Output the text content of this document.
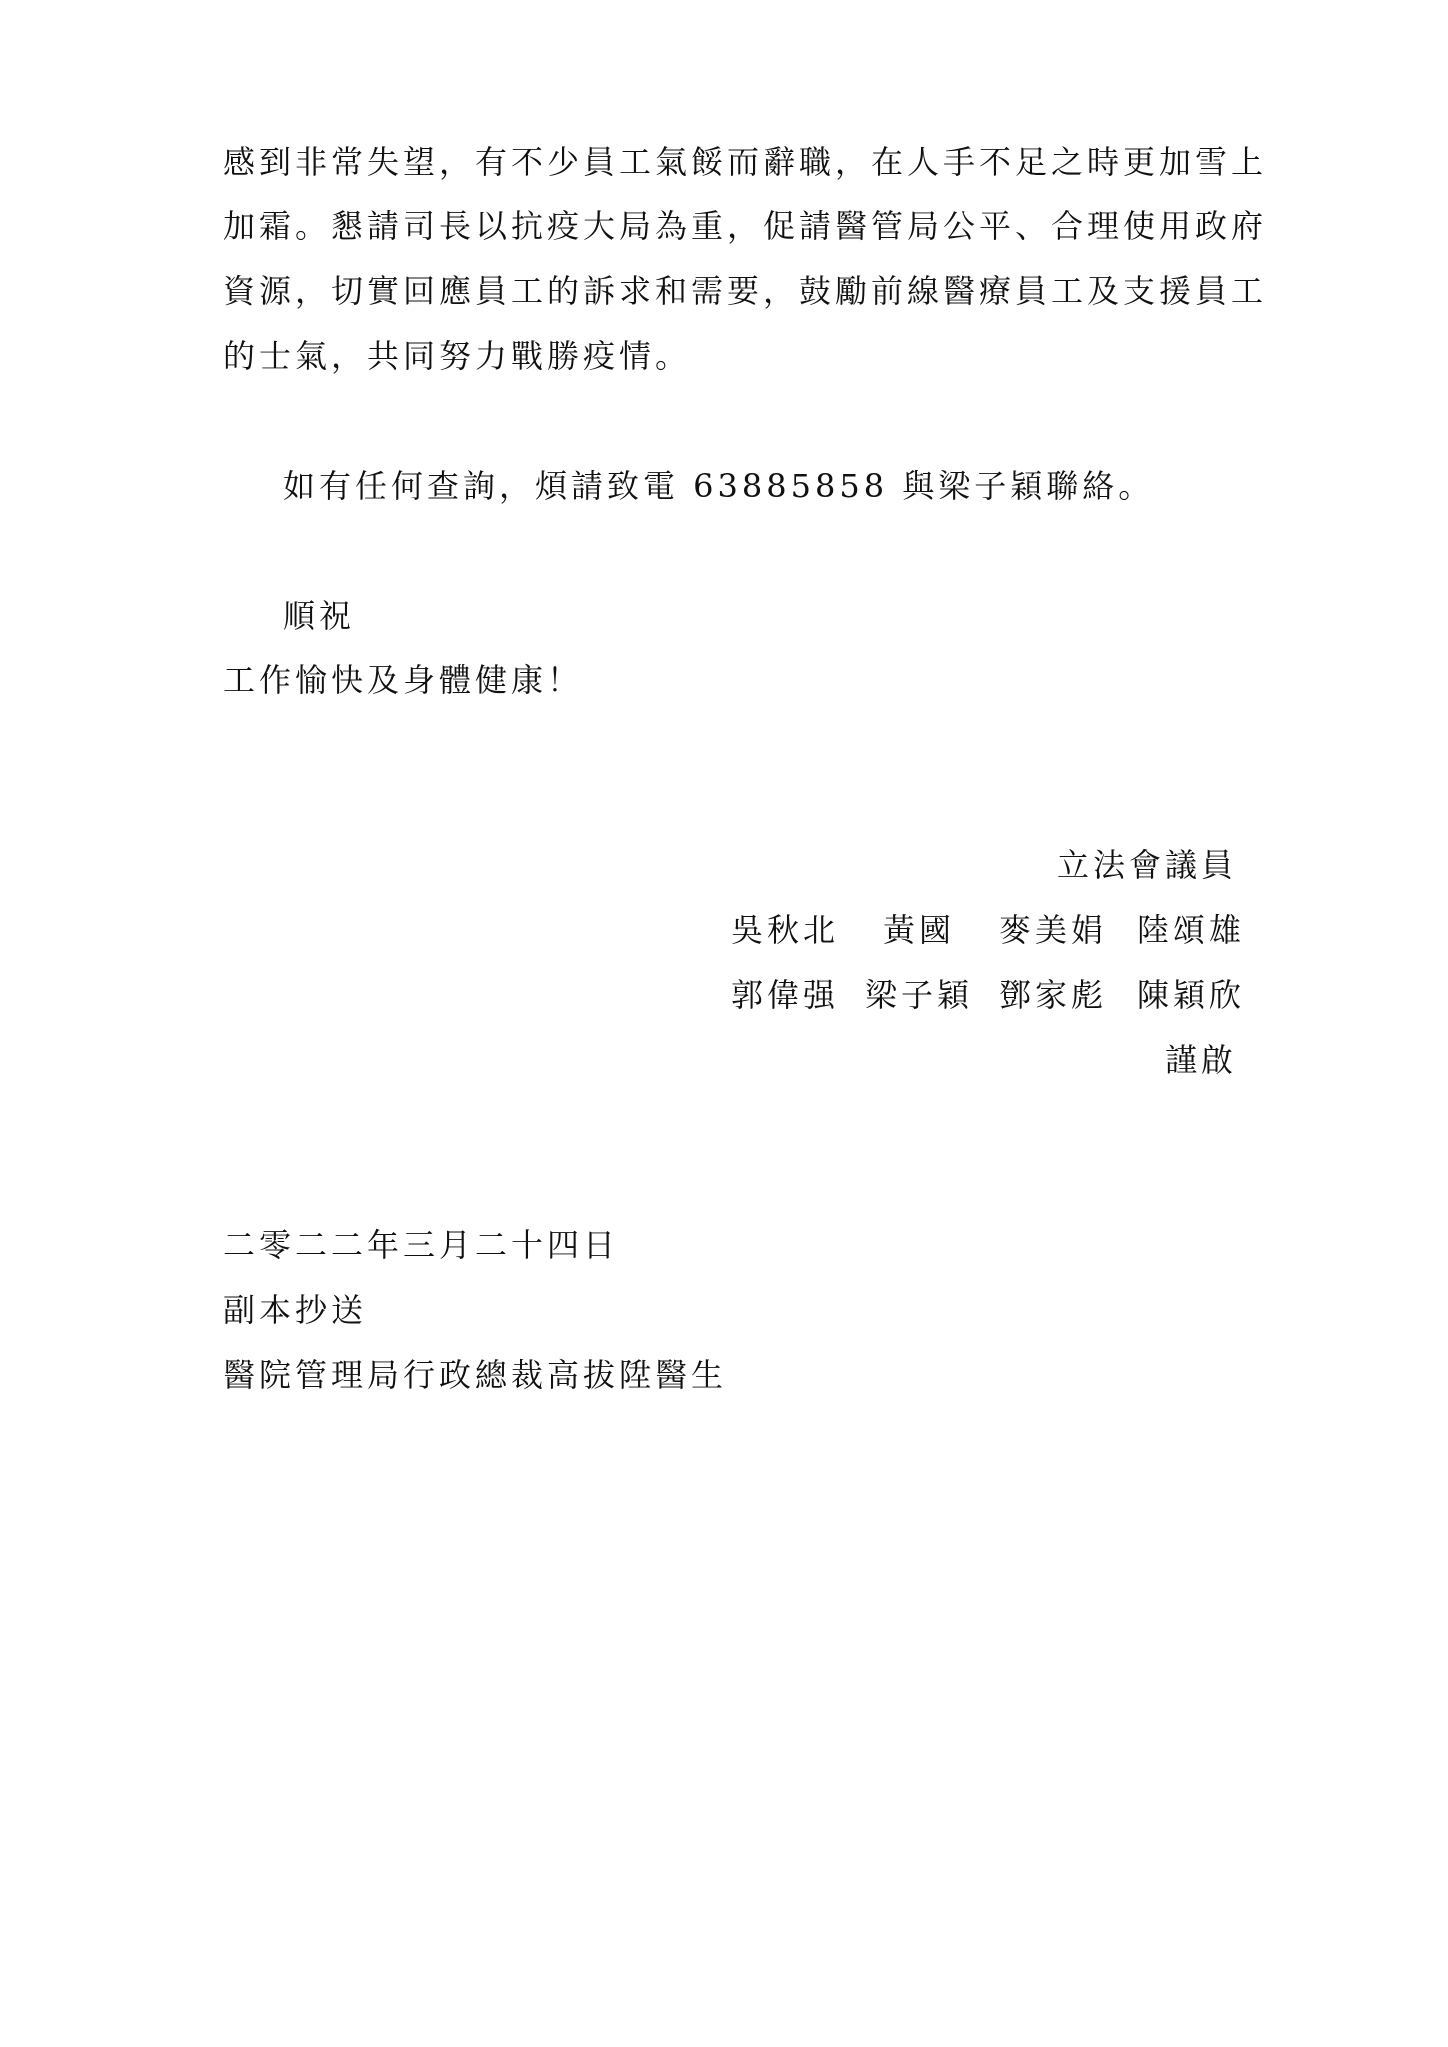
感到非常失望，有不少員工氣餒而辭職，在人手不足之時更加雪上
加霜。懇請司長以抗疫大局為重，促請醫管局公平、合理使用政府
資源，切實回應員工的訴求和需要，鼓勵前線醫療員工及支援員工
的士氣，共同努力戰勝疫情。
如有任何查詢，煩請致電 63885858 與梁子穎聯絡。
順祝
工作愉快及身體健康！
立法會議員
吳秋北 黃國 麥美娟 陸頌雄
郭偉强 梁子穎 鄧家彪 陳穎欣
謹啟
二零二二年三月二十四日
副本抄送
醫院管理局行政總裁高拔陞醫生
